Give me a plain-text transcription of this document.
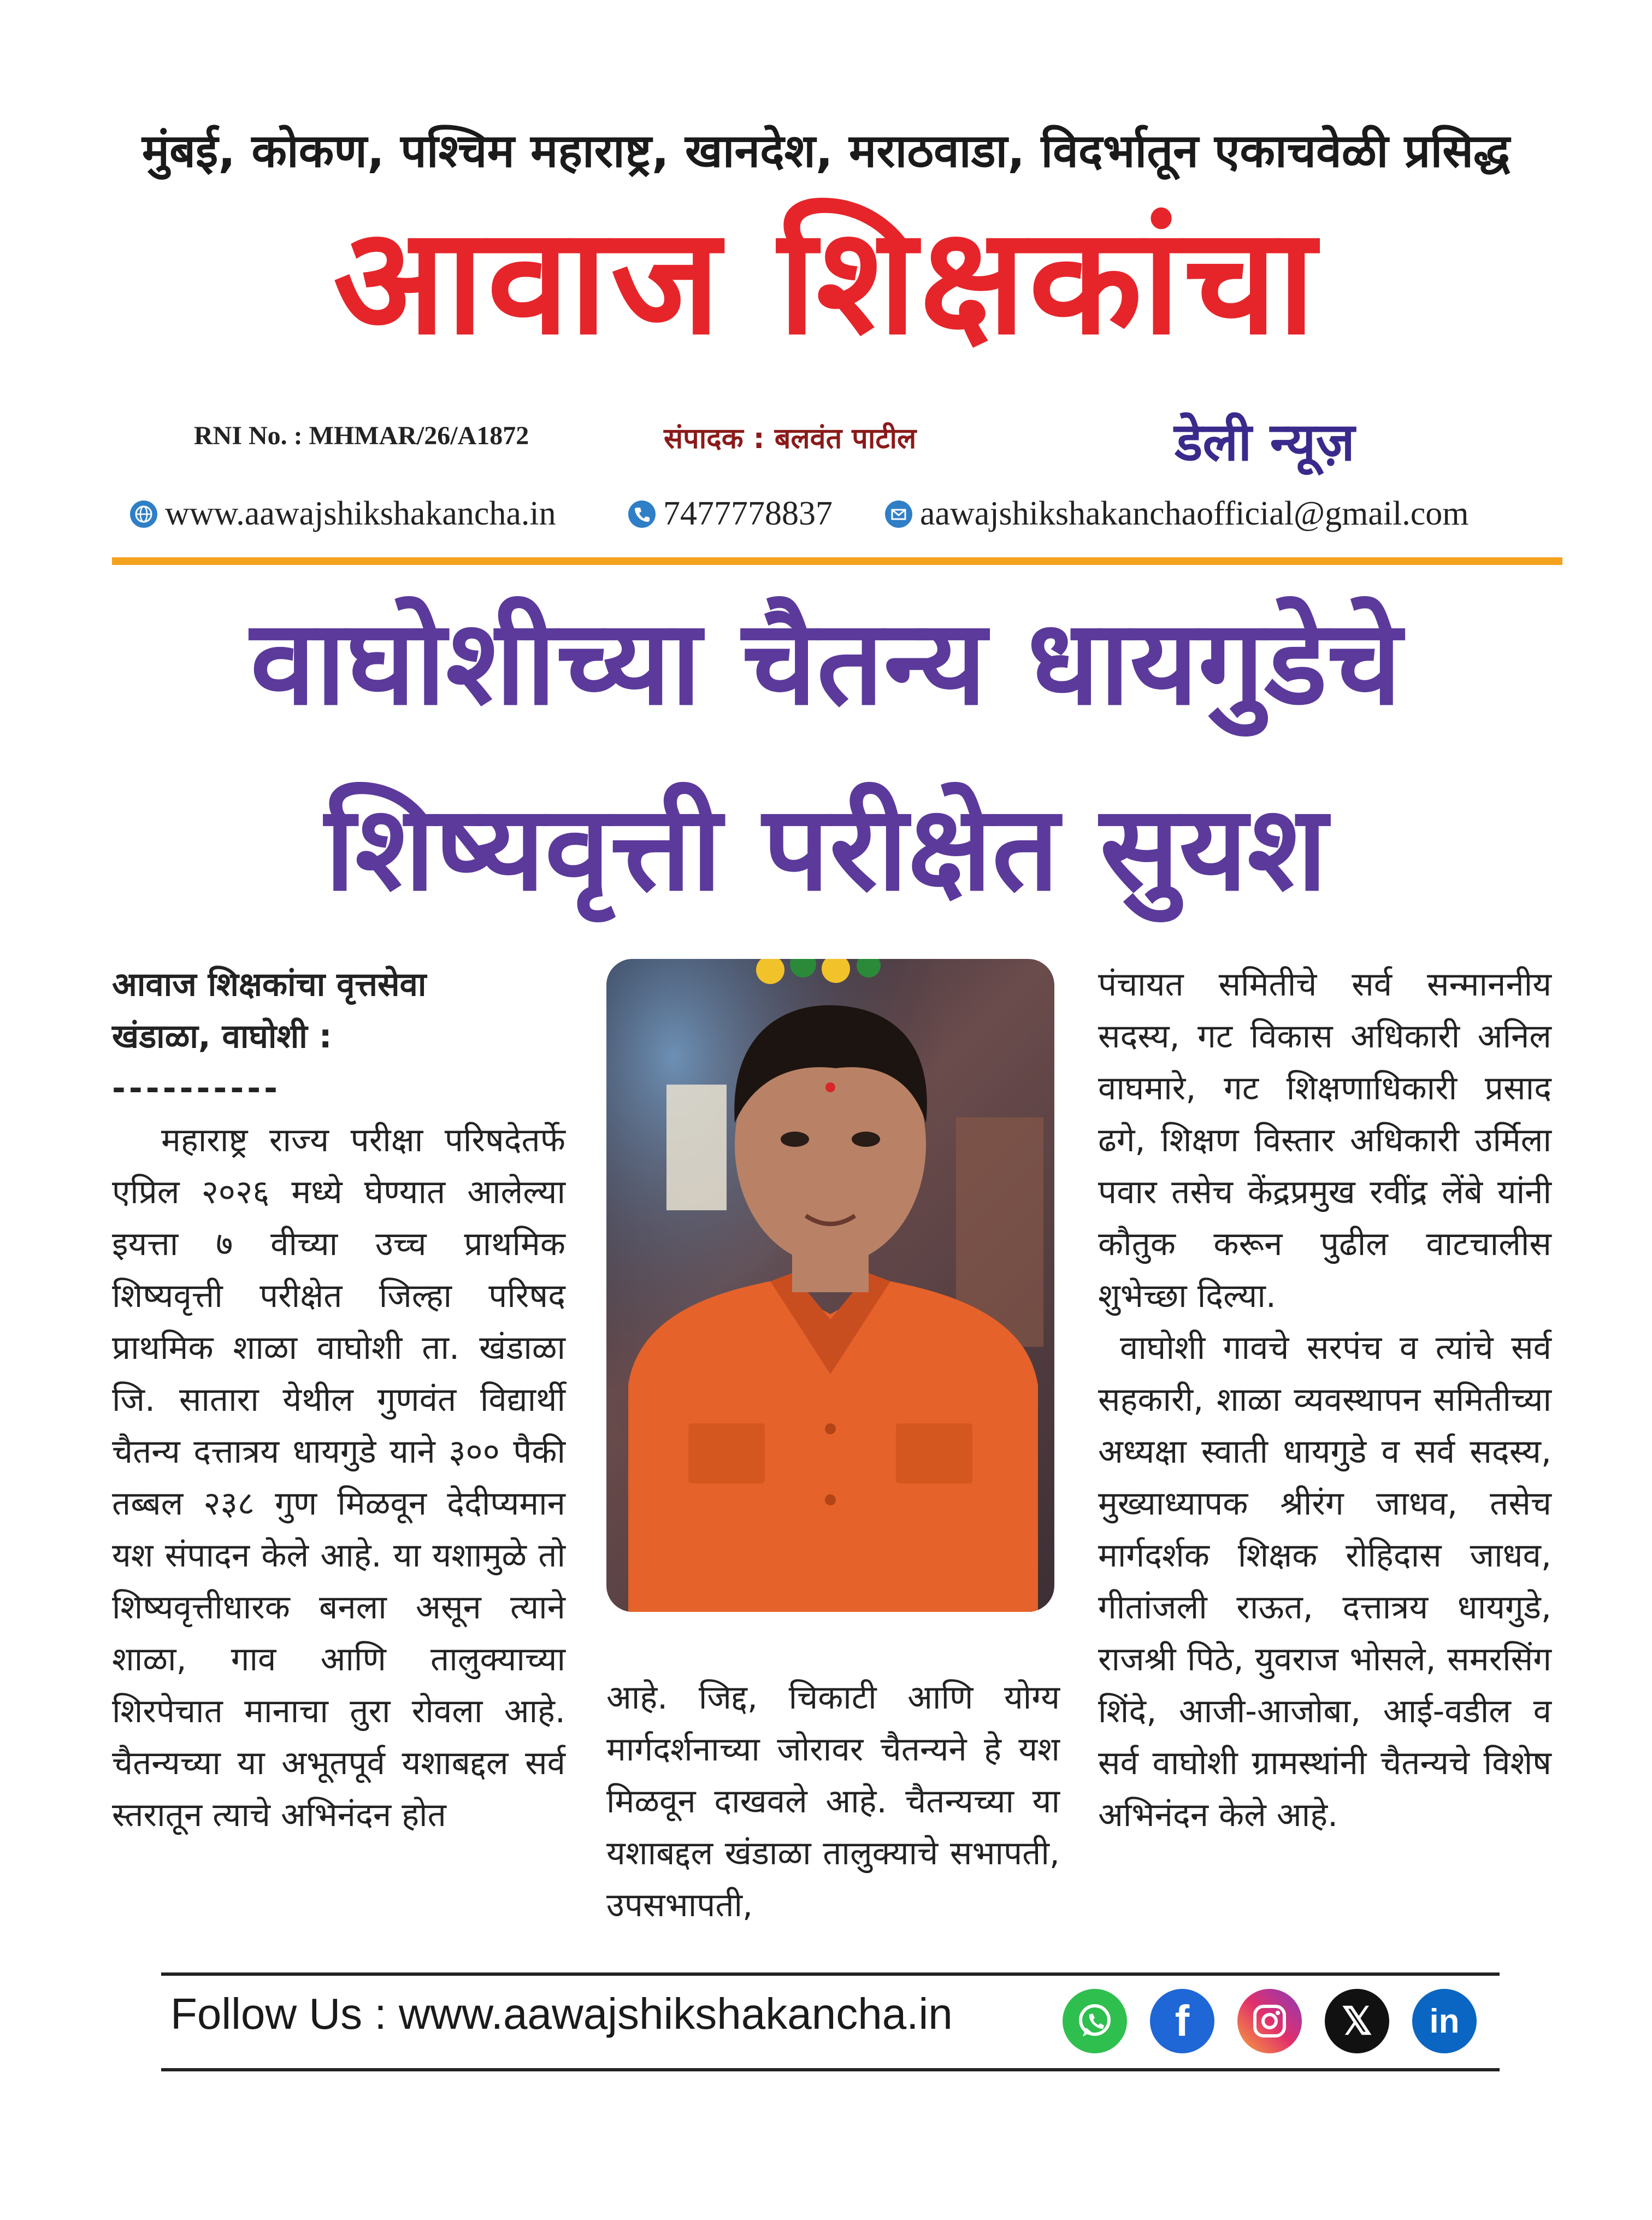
मुंबई, कोकण, पश्चिम महाराष्ट्र, खानदेश, मराठवाडा, विदर्भातून एकाचवेळी प्रसिद्ध
आवाज शिक्षकांचा
RNI No. : MHMAR/26/A1872	संपादक : बलवंत पाटील	डेली न्यूज़
www.aawajshikshakancha.in	7477778837	aawajshikshakanchaofficial@gmail.com
वाघोशीच्या चैतन्य धायगुडेचे
शिष्यवृत्ती परीक्षेत सुयश
आवाज शिक्षकांचा वृत्तसेवा
खंडाळा, वाघोशी :
----------

महाराष्ट्र राज्य परीक्षा परिषदेतर्फे एप्रिल २०२६ मध्ये घेण्यात आलेल्या इयत्ता ७ वीच्या उच्च प्राथमिक शिष्यवृत्ती परीक्षेत जिल्हा परिषद प्राथमिक शाळा वाघोशी ता. खंडाळा जि. सातारा येथील गुणवंत विद्यार्थी चैतन्य दत्तात्रय धायगुडे याने ३०० पैकी तब्बल २३८ गुण मिळवून देदीप्यमान यश संपादन केले आहे. या यशामुळे तो शिष्यवृत्तीधारक बनला असून त्याने शाळा, गाव आणि तालुक्याच्या शिरपेचात मानाचा तुरा रोवला आहे. चैतन्यच्या या अभूतपूर्व यशाबद्दल सर्व स्तरातून त्याचे अभिनंदन होत

आहे. जिद्द, चिकाटी आणि योग्य मार्गदर्शनाच्या जोरावर चैतन्यने हे यश मिळवून दाखवले आहे. चैतन्यच्या या यशाबद्दल खंडाळा तालुक्याचे सभापती, उपसभापती,

पंचायत समितीचे सर्व सन्माननीय सदस्य, गट विकास अधिकारी अनिल वाघमारे, गट शिक्षणाधिकारी प्रसाद ढगे, शिक्षण विस्तार अधिकारी उर्मिला पवार तसेच केंद्रप्रमुख रवींद्र लेंबे यांनी कौतुक करून पुढील वाटचालीस शुभेच्छा दिल्या.

वाघोशी गावचे सरपंच व त्यांचे सर्व सहकारी, शाळा व्यवस्थापन समितीच्या अध्यक्षा स्वाती धायगुडे व सर्व सदस्य, मुख्याध्यापक श्रीरंग जाधव, तसेच मार्गदर्शक शिक्षक रोहिदास जाधव, गीतांजली राऊत, दत्तात्रय धायगुडे, राजश्री पिठे, युवराज भोसले, समरसिंग शिंदे, आजी-आजोबा, आई-वडील व सर्व वाघोशी ग्रामस्थांनी चैतन्यचे विशेष अभिनंदन केले आहे.

Follow Us : www.aawajshikshakancha.in	f	𝕏	in
